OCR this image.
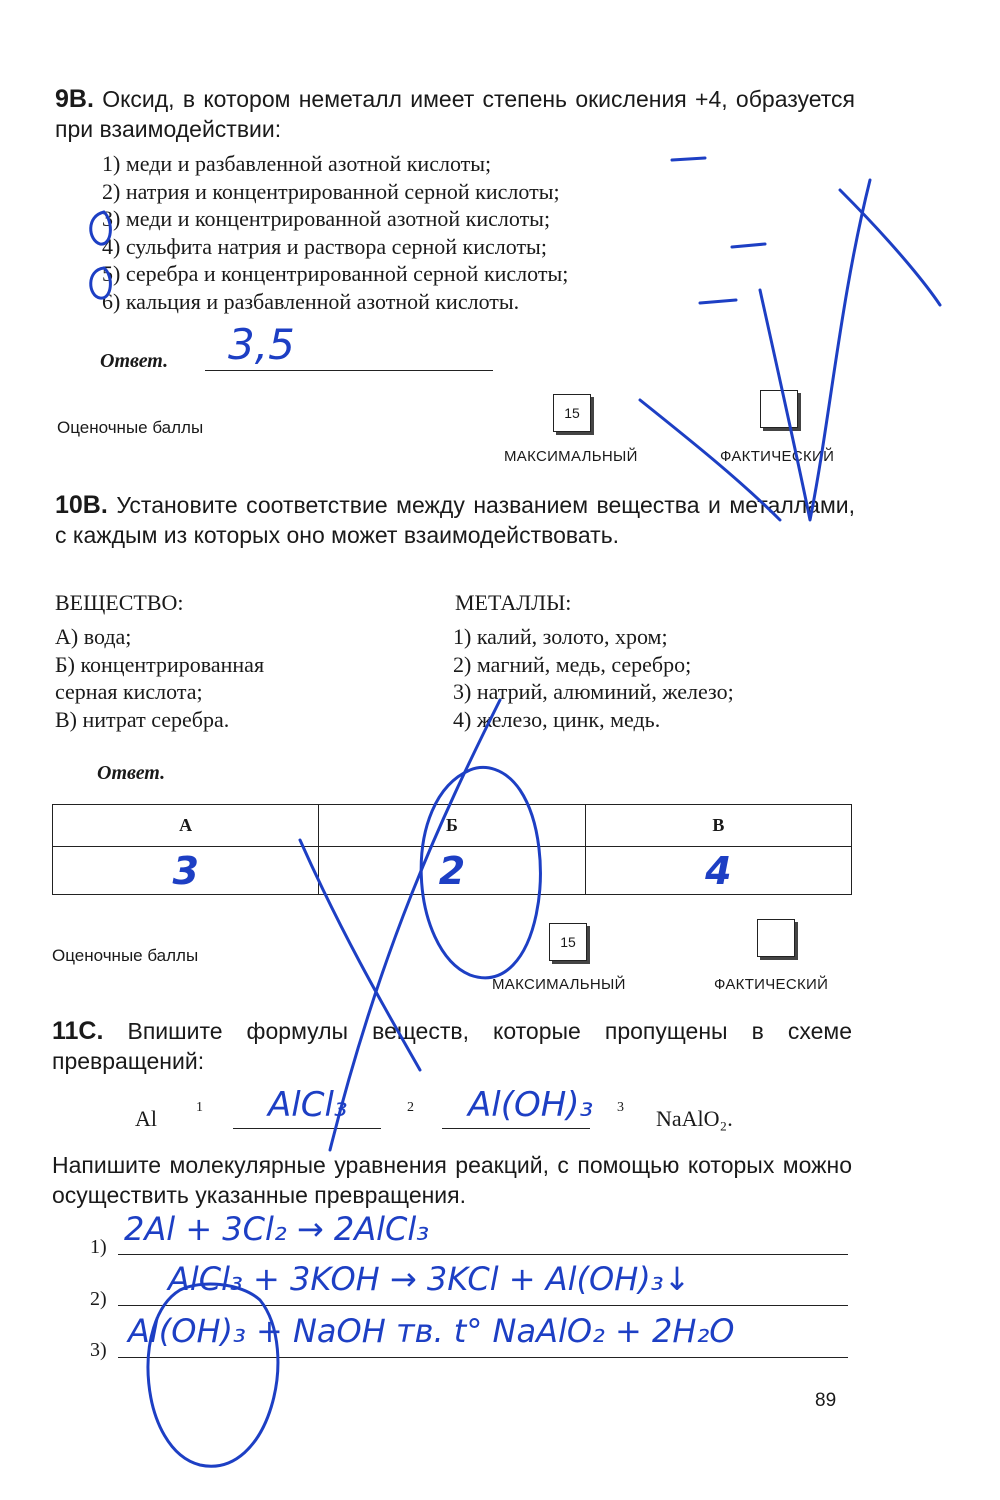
9В. Оксид, в котором неметалл имеет степень окисления +4, образуется при взаимодействии:
1) меди и разбавленной азотной кислоты;
2) натрия и концентрированной серной кислоты;
3) меди и концентрированной азотной кислоты;
4) сульфита натрия и раствора серной кислоты;
5) серебра и концентрированной серной кислоты;
6) кальция и разбавленной азотной кислоты.
Ответ. 3,5
Оценочные баллы
15
МАКСИМАЛЬНЫЙ	ФАКТИЧЕСКИЙ
10В. Установите соответствие между названием вещества и металлами, с каждым из которых оно может взаимодействовать.
ВЕЩЕСТВО:
А) вода;
Б) концентрированная
серная кислота;
В) нитрат серебра.
МЕТАЛЛЫ:
1) калий, золото, хром;
2) магний, медь, серебро;
3) натрий, алюминий, железо;
4) железо, цинк, медь.
Ответ.
А	Б	В
3	2	4
Оценочные баллы
15
МАКСИМАЛЬНЫЙ	ФАКТИЧЕСКИЙ
11С. Впишите формулы веществ, которые пропущены в схеме превращений:
Al	NaAlO₂.
1	2	3
AlCl₃	Al(OH)₃
Напишите молекулярные уравнения реакций, с помощью которых можно осуществить указанные превращения.
1)
2)
3)
2Al + 3Cl₂ → 2AlCl₃
AlCl₃ + 3KOH → 3KCl + Al(OH)₃↓
Al(OH)₃ + NaOH тв. t° NaAlO₂ + 2H₂O
89
